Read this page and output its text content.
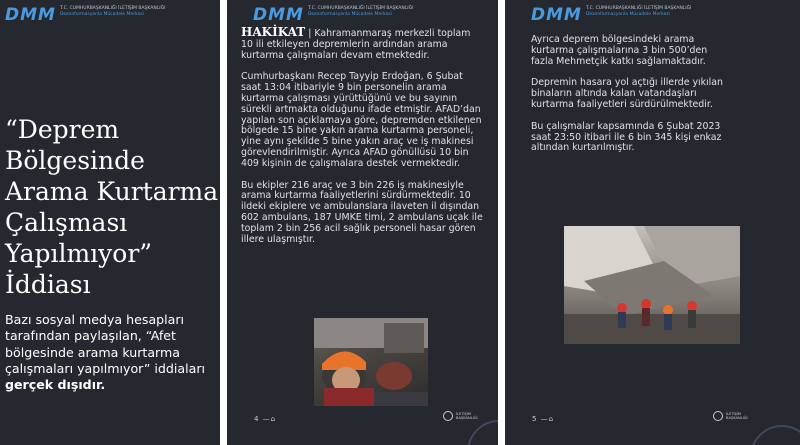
DMM T.C. CUMHURBAŞKANLIĞI İLETİŞİM BAŞKANLIĞI
Dezenformasyonla Mücadele Merkezi
“Deprem Bölgesinde Arama Kurtarma Çalışması Yapılmıyor” İddiası
Bazı sosyal medya hesapları tarafından paylaşılan, “Afet bölgesinde arama kurtarma çalışmaları yapılmıyor” iddiaları gerçek dışıdır.
DMM T.C. CUMHURBAŞKANLIĞI İLETİŞİM BAŞKANLIĞI
Dezenformasyonla Mücadele Merkezi

HAKİKAT | Kahramanmaraş merkezli toplam 10 ili etkileyen depremlerin ardından arama kurtarma çalışmaları devam etmektedir.

Cumhurbaşkanı Recep Tayyip Erdoğan, 6 Şubat saat 13:04 itibariyle 9 bin personelin arama kurtarma çalışması yürüttüğünü ve bu sayının sürekli artmakta olduğunu ifade etmiştir. AFAD’dan yapılan son açıklamaya göre, depremden etkilenen bölgede 15 bine yakın arama kurtarma personeli, yine aynı şekilde 5 bine yakın araç ve iş makinesi görevlendirilmiştir. Ayrıca AFAD gönüllüsü 10 bin 409 kişinin de çalışmalara destek vermektedir.

Bu ekipler 216 araç ve 3 bin 226 iş makinesiyle arama kurtarma faaliyetlerini sürdürmektedir. 10 ildeki ekiplere ve ambulanslara ilaveten il dışından 602 ambulans, 187 UMKE timi, 2 ambulans uçak ile toplam 2 bin 256 acil sağlık personeli hasar gören illere ulaşmıştır.

4 —⌂
İLETİŞİM
BAŞKANLIĞI
DMM T.C. CUMHURBAŞKANLIĞI İLETİŞİM BAŞKANLIĞI
Dezenformasyonla Mücadele Merkezi

Ayrıca deprem bölgesindeki arama kurtarma çalışmalarına 3 bin 500’den fazla Mehmetçik katkı sağlamaktadır.

Depremin hasara yol açtığı illerde yıkılan binaların altında kalan vatandaşları kurtarma faaliyetleri sürdürülmektedir.

Bu çalışmalar kapsamında 6 Şubat 2023 saat 23:50 itibari ile 6 bin 345 kişi enkaz altından kurtarılmıştır.

5 —⌂
İLETİŞİM
BAŞKANLIĞI
